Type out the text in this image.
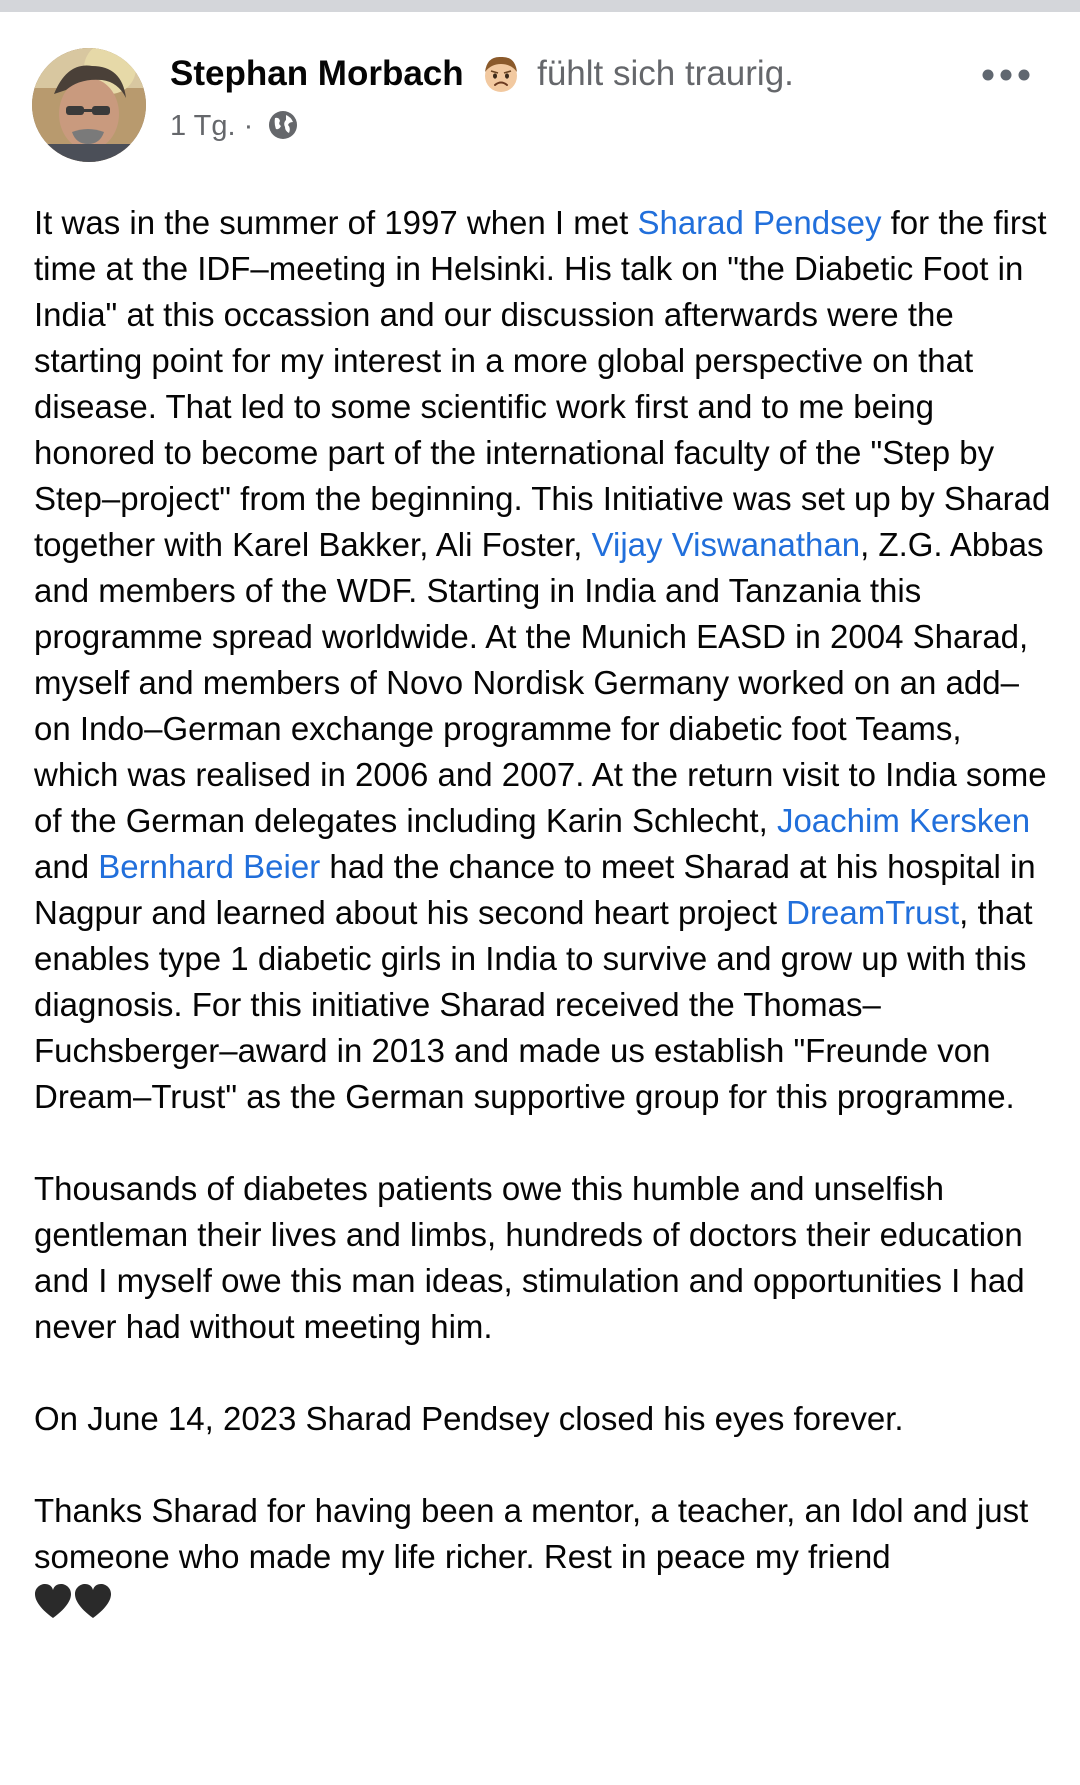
Stephan Morbach fühlt sich traurig.
1 Tg. ·

It was in the summer of 1997 when I met Sharad Pendsey for the first time at the IDF–meeting in Helsinki. His talk on "the Diabetic Foot in India" at this occassion and our discussion afterwards were the starting point for my interest in a more global perspective on that disease. That led to some scientific work first and to me being honored to become part of the international faculty of the "Step by Step–project" from the beginning. This Initiative was set up by Sharad together with Karel Bakker, Ali Foster, Vijay Viswanathan, Z.G. Abbas and members of the WDF. Starting in India and Tanzania this programme spread worldwide. At the Munich EASD in 2004 Sharad, myself and members of Novo Nordisk Germany worked on an add–on Indo–German exchange programme for diabetic foot Teams, which was realised in 2006 and 2007. At the return visit to India some of the German delegates including Karin Schlecht, Joachim Kersken and Bernhard Beier had the chance to meet Sharad at his hospital in Nagpur and learned about his second heart project DreamTrust, that enables type 1 diabetic girls in India to survive and grow up with this diagnosis. For this initiative Sharad received the Thomas–Fuchsberger–award in 2013 and made us establish "Freunde von Dream–Trust" as the German supportive group for this programme.

Thousands of diabetes patients owe this humble and unselfish gentleman their lives and limbs, hundreds of doctors their education and I myself owe this man ideas, stimulation and opportunities I had never had without meeting him.

On June 14, 2023 Sharad Pendsey closed his eyes forever.

Thanks Sharad for having been a mentor, a teacher, an Idol and just someone who made my life richer. Rest in peace my friend
